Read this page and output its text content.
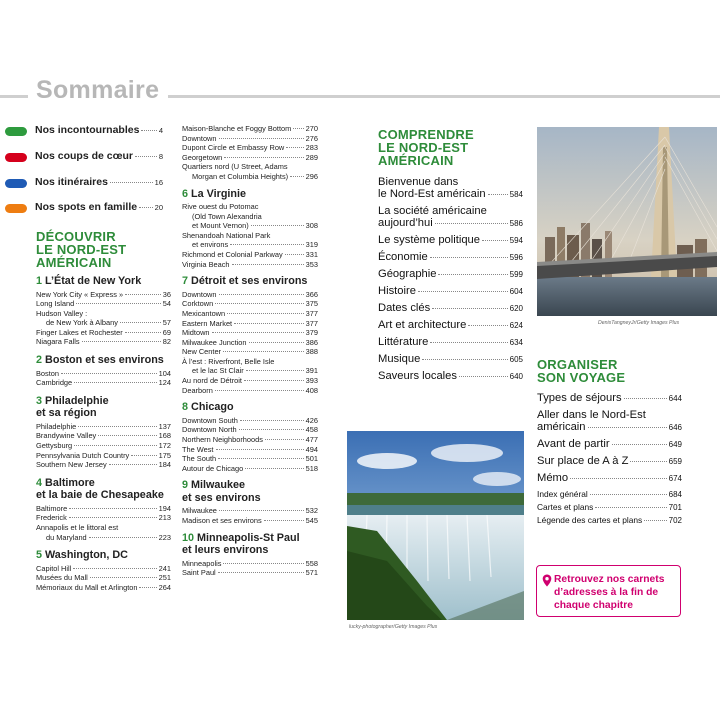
Sommaire
Nos incontournables	4
Nos coups de cœur	8
Nos itinéraires	16
Nos spots en famille 20
DÉCOUVRIR
LE NORD-EST
AMÉRICAIN
1 L’État de New York
New York City « Express »	36
Long Island	54
Hudson Valley :
de New York à Albany	57
Finger Lakes et Rochester	69
Niagara Falls	82
2 Boston et ses environs
Boston	104
Cambridge	124
3 Philadelphie
et sa région
Philadelphie	137
Brandywine Valley	168
Gettysburg	172
Pennsylvania Dutch Country	175
Southern New Jersey	184
4 Baltimore
et la baie de Chesapeake
Baltimore	194
Frederick	213
Annapolis et le littoral est
du Maryland	223
5 Washington, DC
Capitol Hill	241
Musées du Mall	251
Mémoriaux du Mall et Arlington	264
Maison-Blanche et Foggy Bottom 270
Downtown	276
Dupont Circle et Embassy Row	283
Georgetown	289
Quartiers nord (U Street, Adams
Morgan et Columbia Heights) 296
6 La Virginie
Rive ouest du Potomac
(Old Town Alexandria
et Mount Vernon)	308
Shenandoah National Park
et environs	319
Richmond et Colonial Parkway	331
Virginia Beach	353
7 Détroit et ses environs
Downtown	366
Corktown	375
Mexicantown	377
Eastern Market	377
Midtown	379
Milwaukee Junction	386
New Center	388
À l’est : Riverfront, Belle Isle
et le lac St Clair	391
Au nord de Détroit	393
Dearborn	408
8 Chicago
Downtown South	426
Downtown North	458
Northern Neighborhoods	477
The West	494
The South	501
Autour de Chicago	518
9 Milwaukee
et ses environs
Milwaukee	532
Madison et ses environs	545
10 Minneapolis-St Paul
et leurs environs
Minneapolis	558
Saint Paul	571
COMPRENDRE
LE NORD-EST
AMÉRICAIN
Bienvenue dans
le Nord-Est américain	584
La société américaine
aujourd’hui	586
Le système politique	594
Économie	596
Géographie	599
Histoire	604
Dates clés	620
Art et architecture	624
Littérature	634
Musique	605
Saveurs locales	640
DenisTangneyJr/Getty Images Plus
lucky-photographer/Getty Images Plus
ORGANISER
SON VOYAGE
Types de séjours	644
Aller dans le Nord-Est
américain	646
Avant de partir	649
Sur place de A à Z	659
Mémo	674
Index général	684
Cartes et plans	701
Légende des cartes et plans	702
Retrouvez nos carnets
d’adresses à la fin de
chaque chapitre
